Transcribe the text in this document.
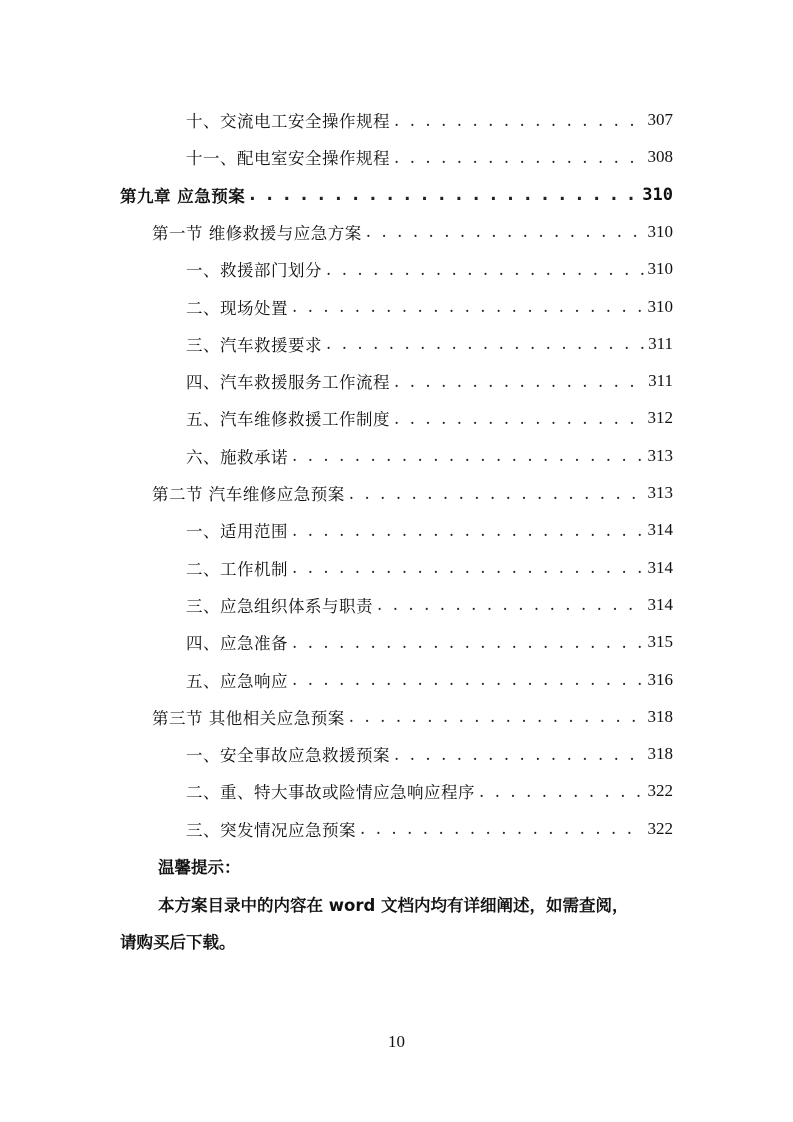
十、交流电工安全操作规程 . . .	307
十一、配电室安全操作规程 . . .	308
第九章 应急预案 . . .	310
第一节 维修救援与应急方案 . . .	310
一、救援部门划分 . . .	310
二、现场处置 . . .	310
三、汽车救援要求 . . .	311
四、汽车救援服务工作流程 . . .	311
五、汽车维修救援工作制度 . . .	312
六、施救承诺 . . .	313
第二节 汽车维修应急预案 . . .	313
一、适用范围 . . .	314
二、工作机制 . . .	314
三、应急组织体系与职责 . . .	314
四、应急准备 . . .	315
五、应急响应 . . .	316
第三节 其他相关应急预案 . . .	318
一、安全事故应急救援预案 . . .	318
二、重、特大事故或险情应急响应程序 . . .	322
三、突发情况应急预案 . . .	322
温馨提示：
本方案目录中的内容在 word 文档内均有详细阐述，如需查阅，
请购买后下载。
10
